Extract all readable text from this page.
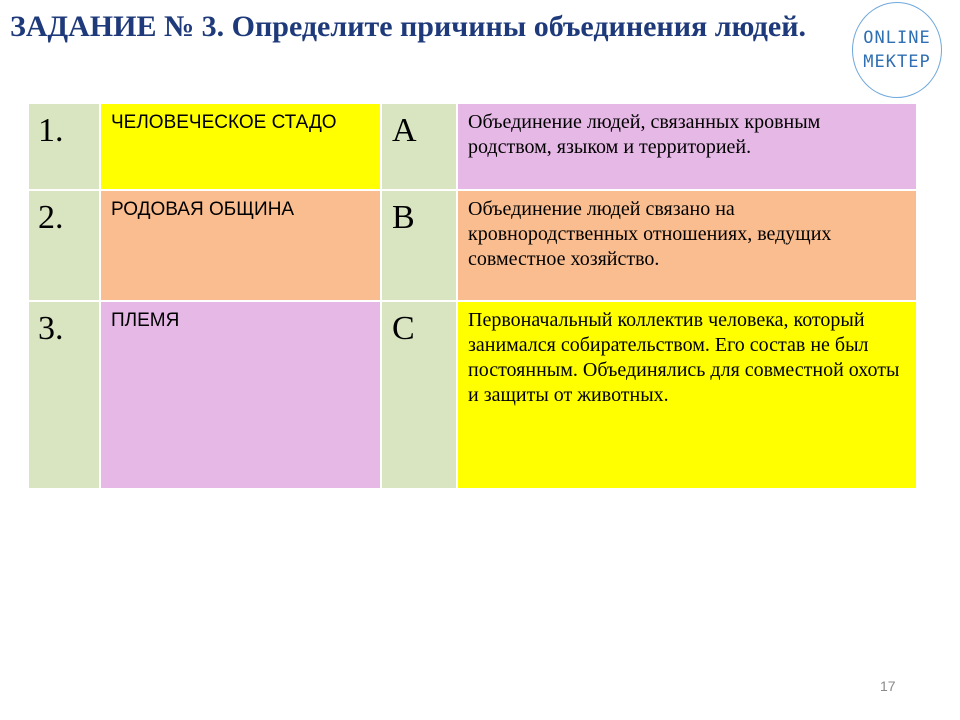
ЗАДАНИЕ № 3. Определите причины объединения людей.	ONLINE
MEKTEP
1.	ЧЕЛОВЕЧЕСКОЕ СТАДО	А	Объединение людей, связанных кровным родством, языком и территорией.
2.	РОДОВАЯ ОБЩИНА	В	Объединение людей связано на кровнородственных отношениях, ведущих совместное хозяйство.
3.	ПЛЕМЯ	С	Первоначальный коллектив человека, который занимался собирательством. Его состав не был постоянным. Объединялись для совместной охоты и защиты от животных.
17
